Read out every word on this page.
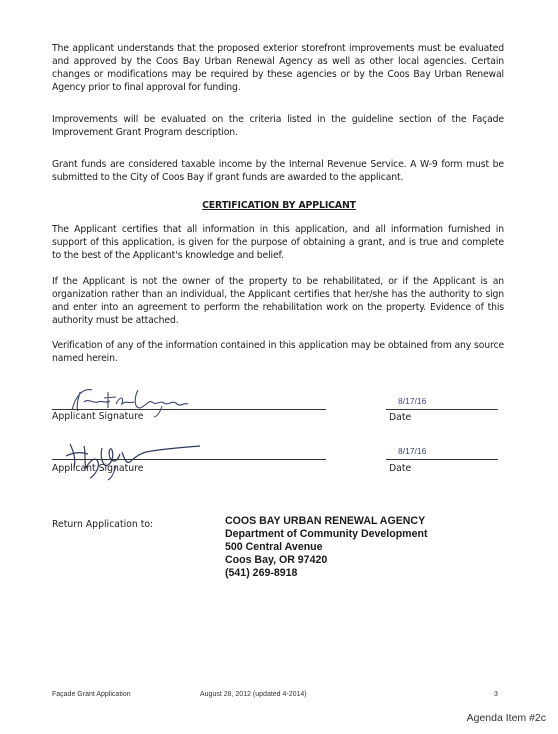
The applicant understands that the proposed exterior storefront improvements must be evaluated and approved by the Coos Bay Urban Renewal Agency as well as other local agencies. Certain changes or modifications may be required by these agencies or by the Coos Bay Urban Renewal Agency prior to final approval for funding.

Improvements will be evaluated on the criteria listed in the guideline section of the Façade Improvement Grant Program description.

Grant funds are considered taxable income by the Internal Revenue Service. A W-9 form must be submitted to the City of Coos Bay if grant funds are awarded to the applicant.

CERTIFICATION BY APPLICANT

The Applicant certifies that all information in this application, and all information furnished in support of this application, is given for the purpose of obtaining a grant, and is true and complete to the best of the Applicant's knowledge and belief.

If the Applicant is not the owner of the property to be rehabilitated, or if the Applicant is an organization rather than an individual, the Applicant certifies that her/she has the authority to sign and enter into an agreement to perform the rehabilitation work on the property. Evidence of this authority must be attached.

Verification of any of the information contained in this application may be obtained from any source named herein.

Applicant Signature
8/17/16
Date
Applicant Signature
8/17/16
Date
Return Application to:	COOS BAY URBAN RENEWAL AGENCY
Department of Community Development
500 Central Avenue
Coos Bay, OR 97420
(541) 269-8918
Façade Grant Application	August 28, 2012 (updated 4-2014)	3
Agenda Item #2c
